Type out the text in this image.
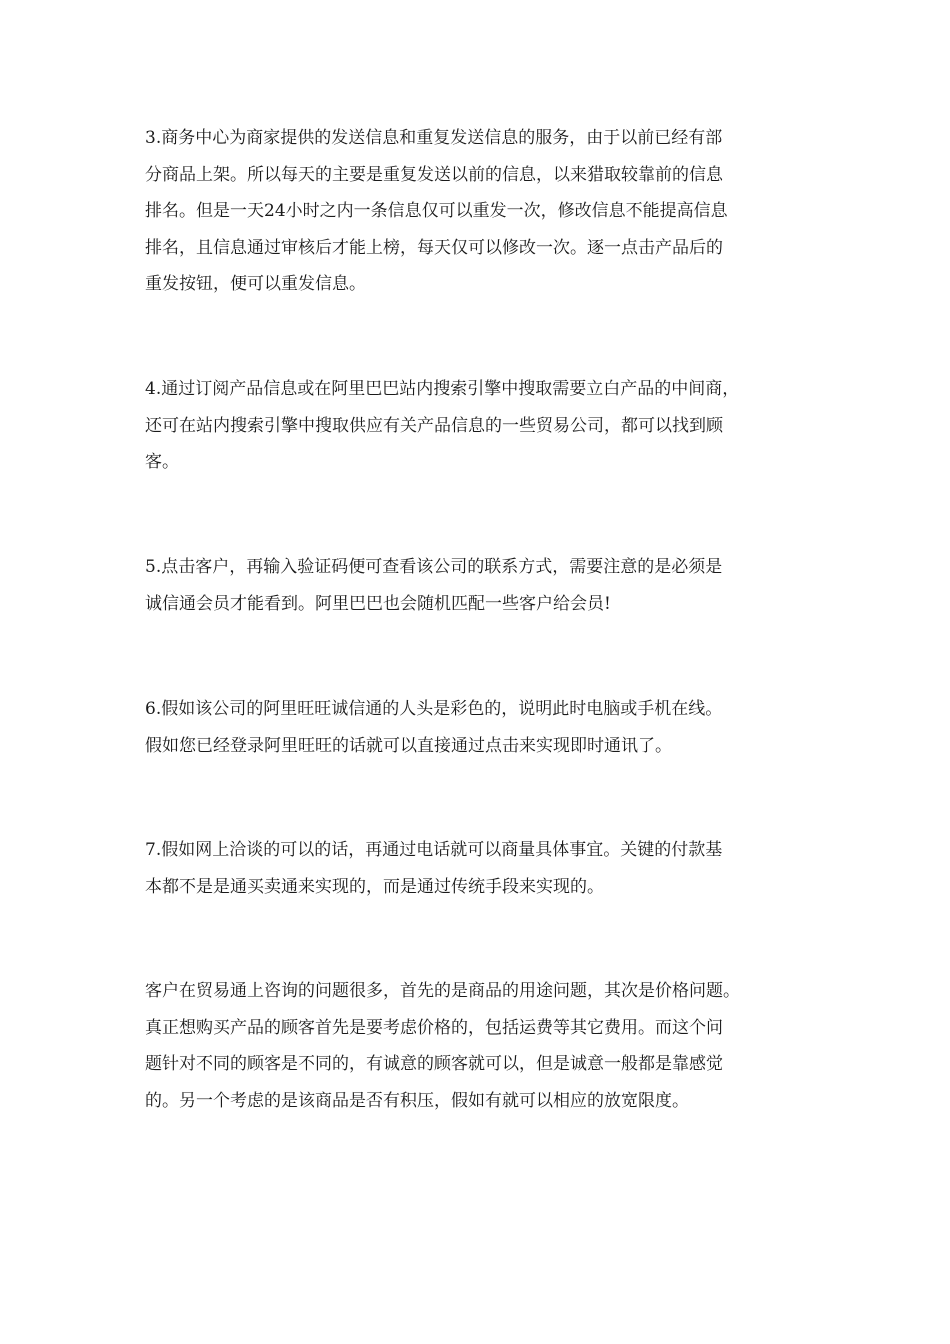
3.商务中心为商家提供的发送信息和重复发送信息的服务，由于以前已经有部
分商品上架。所以每天的主要是重复发送以前的信息，以来猎取较靠前的信息
排名。但是一天24小时之内一条信息仅可以重发一次，修改信息不能提高信息
排名，且信息通过审核后才能上榜，每天仅可以修改一次。逐一点击产品后的
重发按钮，便可以重发信息。
4.通过订阅产品信息或在阿里巴巴站内搜索引擎中搜取需要立白产品的中间商，
还可在站内搜索引擎中搜取供应有关产品信息的一些贸易公司，都可以找到顾
客。
5.点击客户，再输入验证码便可查看该公司的联系方式，需要注意的是必须是
诚信通会员才能看到。阿里巴巴也会随机匹配一些客户给会员!
6.假如该公司的阿里旺旺诚信通的人头是彩色的，说明此时电脑或手机在线。
假如您已经登录阿里旺旺的话就可以直接通过点击来实现即时通讯了。
7.假如网上洽谈的可以的话，再通过电话就可以商量具体事宜。关键的付款基
本都不是是通买卖通来实现的，而是通过传统手段来实现的。
客户在贸易通上咨询的问题很多，首先的是商品的用途问题，其次是价格问题。
真正想购买产品的顾客首先是要考虑价格的，包括运费等其它费用。而这个问
题针对不同的顾客是不同的，有诚意的顾客就可以，但是诚意一般都是靠感觉
的。另一个考虑的是该商品是否有积压，假如有就可以相应的放宽限度。
